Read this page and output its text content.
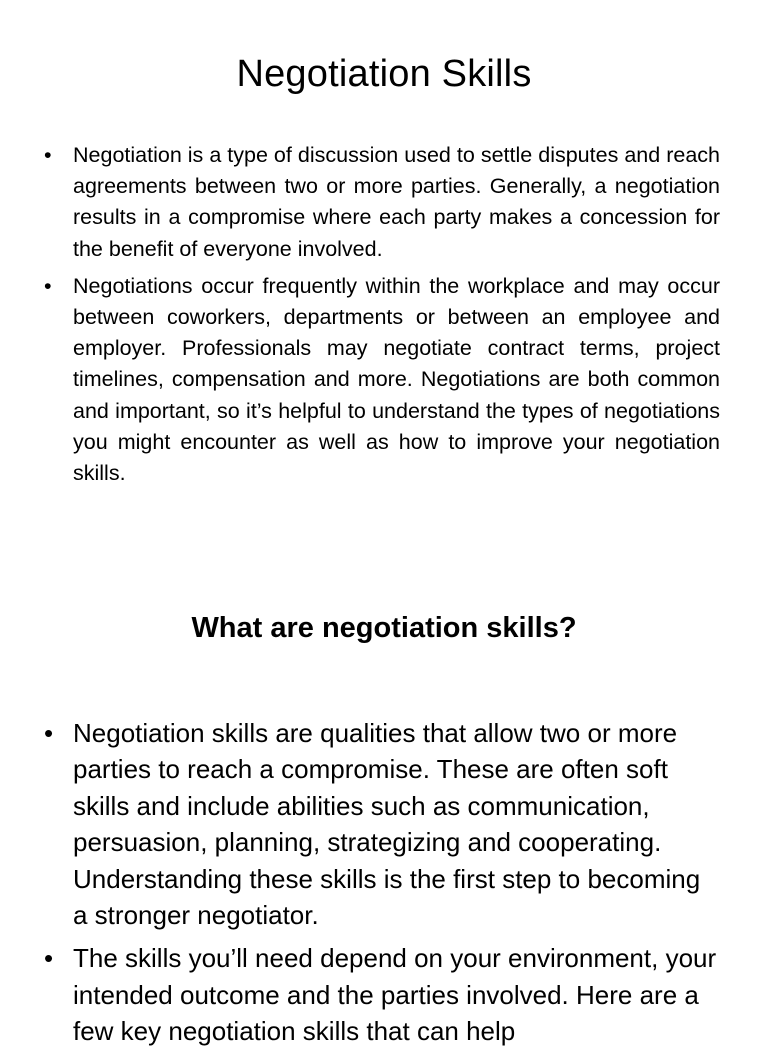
Negotiation Skills
• Negotiation is a type of discussion used to settle disputes and reach agreements between two or more parties. Generally, a negotiation results in a compromise where each party makes a concession for the benefit of everyone involved.
• Negotiations occur frequently within the workplace and may occur between coworkers, departments or between an employee and employer. Professionals may negotiate contract terms, project timelines, compensation and more. Negotiations are both common and important, so it’s helpful to understand the types of negotiations you might encounter as well as how to improve your negotiation skills.
What are negotiation skills?
• Negotiation skills are qualities that allow two or more parties to reach a compromise. These are often soft skills and include abilities such as communication, persuasion, planning, strategizing and cooperating. Understanding these skills is the first step to becoming a stronger negotiator.
• The skills you’ll need depend on your environment, your intended outcome and the parties involved. Here are a few key negotiation skills that can help
